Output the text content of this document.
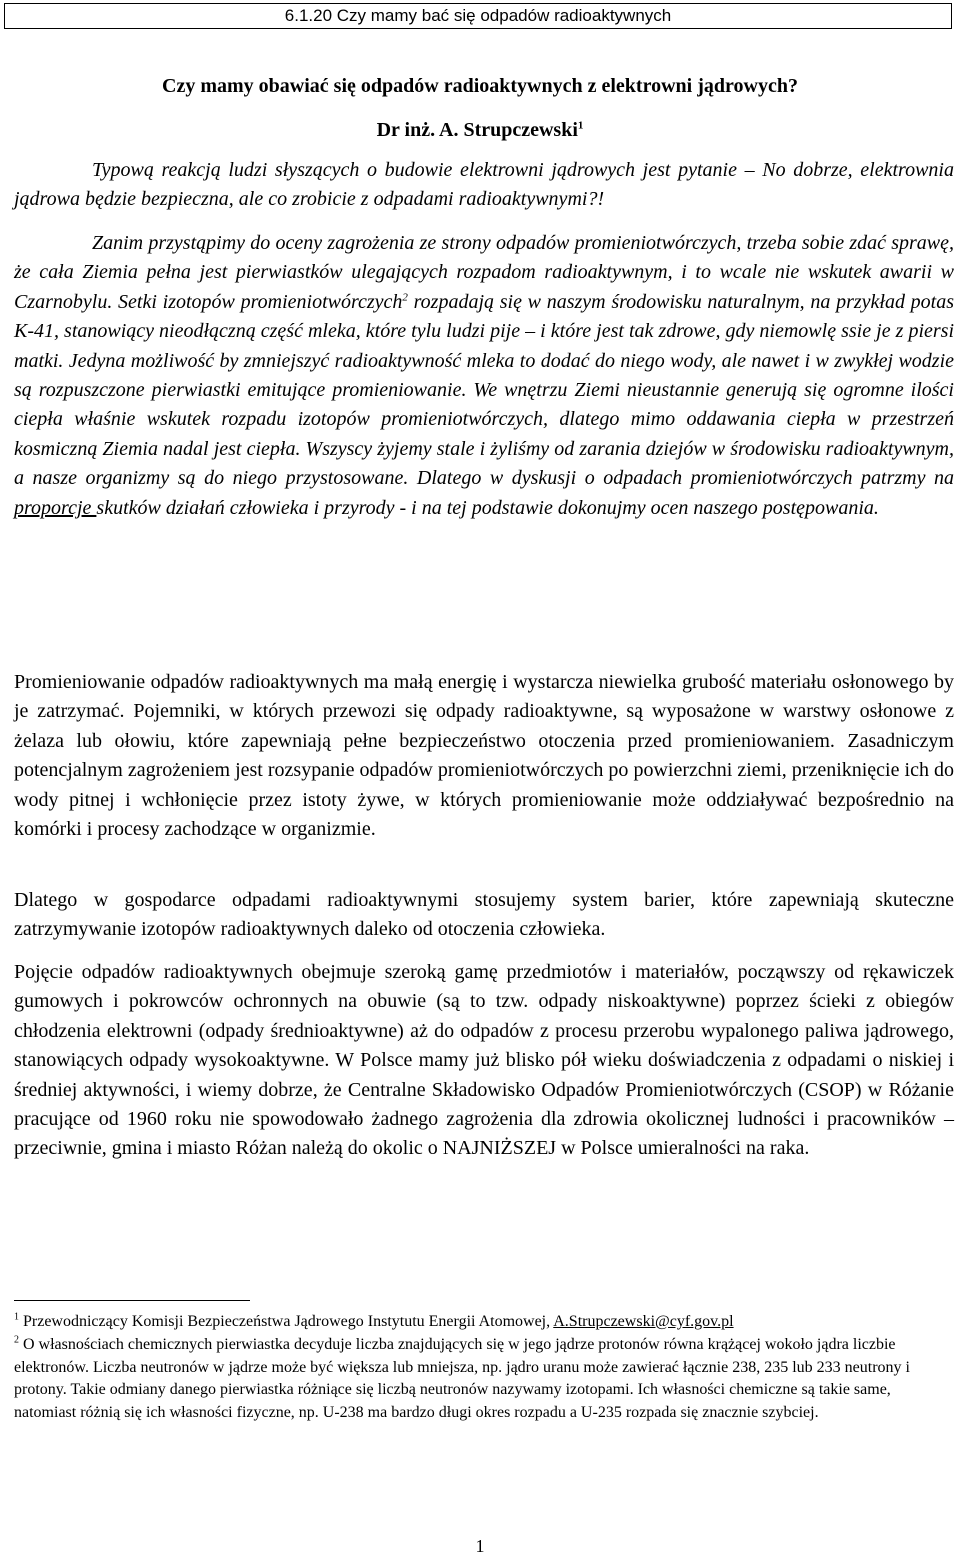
6.1.20 Czy mamy bać się odpadów radioaktywnych
Czy mamy obawiać się odpadów radioaktywnych z elektrowni jądrowych?
Dr inż. A. Strupczewski$^1$

Typową reakcją ludzi słyszących o budowie elektrowni jądrowych jest pytanie – No dobrze, elektrownia jądrowa będzie bezpieczna, ale co zrobicie z odpadami radioaktywnymi?!

Zanim przystąpimy do oceny zagrożenia ze strony odpadów promieniotwórczych, trzeba sobie zdać sprawę, że cała Ziemia pełna jest pierwiastków ulegających rozpadom radioaktywnym, i to wcale nie wskutek awarii w Czarnobylu. Setki izotopów promieniotwórczych$^2$ rozpadają się w naszym środowisku naturalnym, na przykład potas K-41, stanowiący nieodłączną część mleka, które tylu ludzi pije – i które jest tak zdrowe, gdy niemowlę ssie je z piersi matki. Jedyna możliwość by zmniejszyć radioaktywność mleka to dodać do niego wody, ale nawet i w zwykłej wodzie są rozpuszczone pierwiastki emitujące promieniowanie. We wnętrzu Ziemi nieustannie generują się ogromne ilości ciepła właśnie wskutek rozpadu izotopów promieniotwórczych, dlatego mimo oddawania ciepła w przestrzeń kosmiczną Ziemia nadal jest ciepła. Wszyscy żyjemy stale i żyliśmy od zarania dziejów w środowisku radioaktywnym, a nasze organizmy są do niego przystosowane. Dlatego w dyskusji o odpadach promieniotwórczych patrzmy na proporcje skutków działań człowieka i przyrody - i na tej podstawie dokonujmy ocen naszego postępowania.

Promieniowanie odpadów radioaktywnych ma małą energię i wystarcza niewielka grubość materiału osłonowego by je zatrzymać. Pojemniki, w których przewozi się odpady radioaktywne, są wyposażone w warstwy osłonowe z żelaza lub ołowiu, które zapewniają pełne bezpieczeństwo otoczenia przed promieniowaniem. Zasadniczym potencjalnym zagrożeniem jest rozsypanie odpadów promieniotwórczych po powierzchni ziemi, przeniknięcie ich do wody pitnej i wchłonięcie przez istoty żywe, w których promieniowanie może oddziaływać bezpośrednio na komórki i procesy zachodzące w organizmie.

Dlatego w gospodarce odpadami radioaktywnymi stosujemy system barier, które zapewniają skuteczne zatrzymywanie izotopów radioaktywnych daleko od otoczenia człowieka.

Pojęcie odpadów radioaktywnych obejmuje szeroką gamę przedmiotów i materiałów, począwszy od rękawiczek gumowych i pokrowców ochronnych na obuwie (są to tzw. odpady niskoaktywne) poprzez ścieki z obiegów chłodzenia elektrowni (odpady średnioaktywne) aż do odpadów z procesu przerobu wypalonego paliwa jądrowego, stanowiących odpady wysokoaktywne. W Polsce mamy już blisko pół wieku doświadczenia z odpadami o niskiej i średniej aktywności, i wiemy dobrze, że Centralne Składowisko Odpadów Promieniotwórczych (CSOP) w Różanie pracujące od 1960 roku nie spowodowało żadnego zagrożenia dla zdrowia okolicznej ludności i pracowników –przeciwnie, gmina i miasto Różan należą do okolic o NAJNIŻSZEJ w Polsce umieralności na raka.

$^1$ Przewodniczący Komisji Bezpieczeństwa Jądrowego Instytutu Energii Atomowej, A.Strupczewski@cyf.gov.pl

$^2$ O własnościach chemicznych pierwiastka decyduje liczba znajdujących się w jego jądrze protonów równa krążącej wokoło jądra liczbie elektronów. Liczba neutronów w jądrze może być większa lub mniejsza, np. jądro uranu może zawierać łącznie 238, 235 lub 233 neutrony i protony. Takie odmiany danego pierwiastka różniące się liczbą neutronów nazywamy izotopami. Ich własności chemiczne są takie same, natomiast różnią się ich własności fizyczne, np. U-238 ma bardzo długi okres rozpadu a U-235 rozpada się znacznie szybciej.

1
